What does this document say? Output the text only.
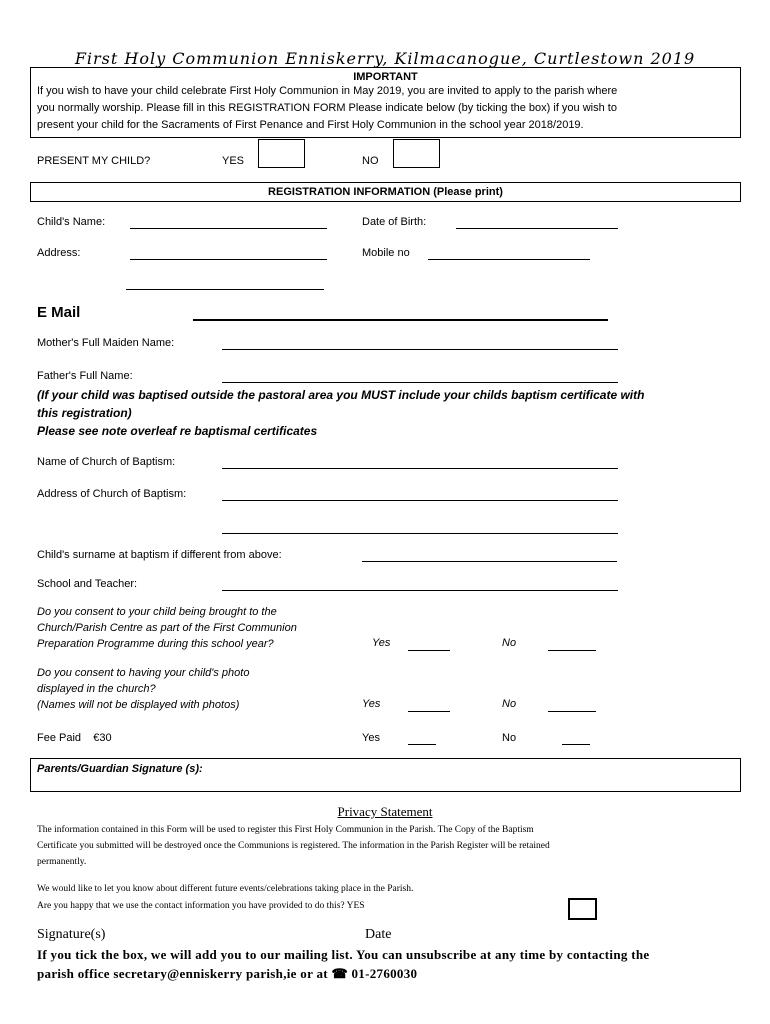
First Holy Communion Enniskerry, Kilmacanogue, Curtlestown 2019
IMPORTANT
If you wish to have your child celebrate First Holy Communion in May 2019, you are invited to apply to the parish where
you normally worship. Please fill in this REGISTRATION FORM Please indicate below (by ticking the box) if you wish to
present your child for the Sacraments of First Penance and First Holy Communion in the school year 2018/2019.
PRESENT MY CHILD?	YES	NO
REGISTRATION INFORMATION (Please print)
Child's Name:	Date of Birth:
Address:	Mobile no
E Mail
Mother's Full Maiden Name:
Father's Full Name:
(If your child was baptised outside the pastoral area you MUST include your childs baptism certificate with
this registration)
Please see note overleaf re baptismal certificates
Name of Church of Baptism:
Address of Church of Baptism:
Child's surname at baptism if different from above:
School and Teacher:
Do you consent to your child being brought to the
Church/Parish Centre as part of the First Communion
Preparation Programme during this school year?	Yes	No
Do you consent to having your child's photo
displayed in the church?
(Names will not be displayed with photos)	Yes	No
Fee Paid    €30	Yes	No
Parents/Guardian Signature (s):
Privacy Statement
The information contained in this Form will be used to register this First Holy Communion in the Parish. The Copy of the Baptism
Certificate you submitted will be destroyed once the Communions is registered. The information in the Parish Register will be retained
permanently.
We would like to let you know about different future events/celebrations taking place in the Parish.
Are you happy that we use the contact information you have provided to do this? YES
Signature(s)	Date
If you tick the box, we will add you to our mailing list. You can unsubscribe at any time by contacting the
parish office secretary@enniskerry parish,ie or at ☎ 01-2760030
